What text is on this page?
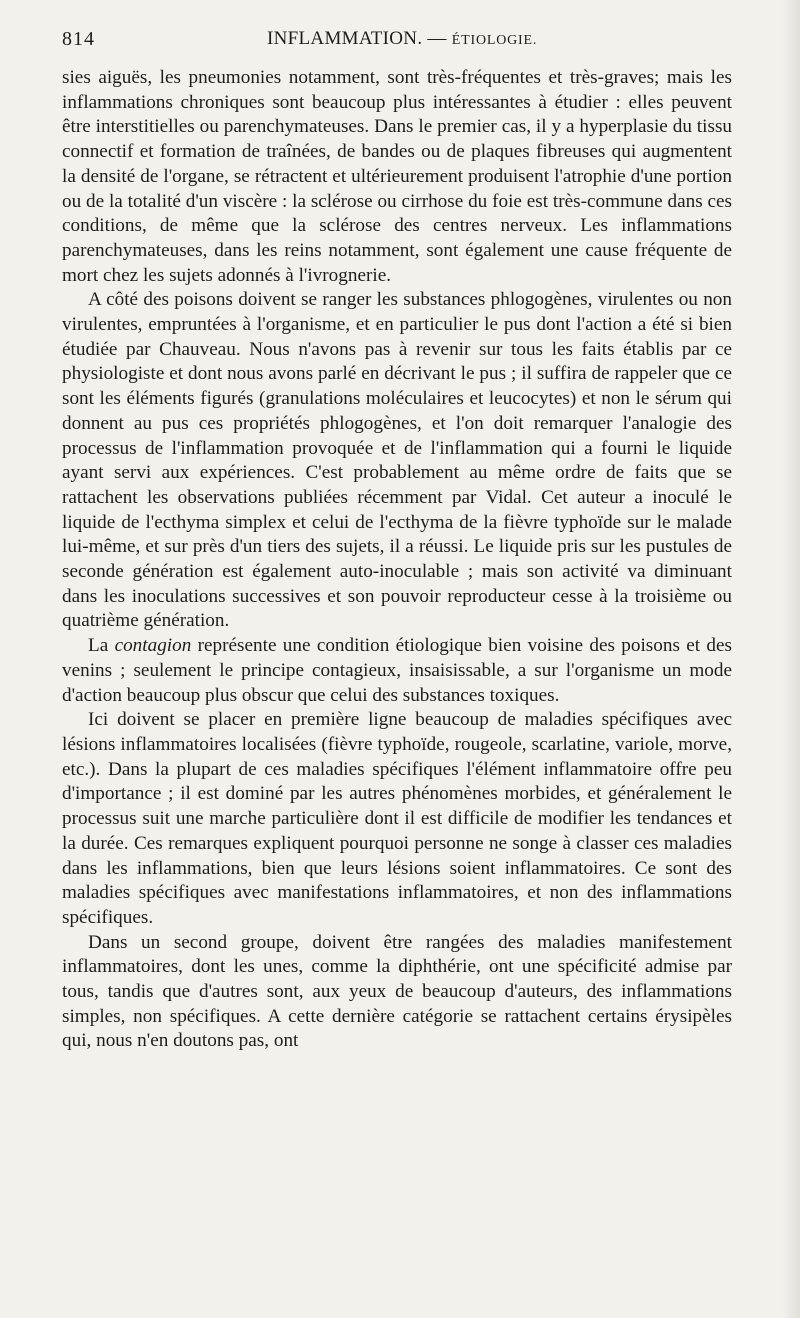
814	INFLAMMATION. — ÉTIOLOGIE.

sies aiguës, les pneumonies notamment, sont très-fréquentes et très-graves; mais les inflammations chroniques sont beaucoup plus intéressantes à étudier : elles peuvent être interstitielles ou parenchymateuses. Dans le premier cas, il y a hyperplasie du tissu connectif et formation de traînées, de bandes ou de plaques fibreuses qui augmentent la densité de l'organe, se rétractent et ultérieurement produisent l'atrophie d'une portion ou de la totalité d'un viscère : la sclérose ou cirrhose du foie est très-commune dans ces conditions, de même que la sclérose des centres nerveux. Les inflammations parenchymateuses, dans les reins notamment, sont également une cause fréquente de mort chez les sujets adonnés à l'ivrognerie.

A côté des poisons doivent se ranger les substances phlogogènes, virulentes ou non virulentes, empruntées à l'organisme, et en particulier le pus dont l'action a été si bien étudiée par Chauveau. Nous n'avons pas à revenir sur tous les faits établis par ce physiologiste et dont nous avons parlé en décrivant le pus ; il suffira de rappeler que ce sont les éléments figurés (granulations moléculaires et leucocytes) et non le sérum qui donnent au pus ces propriétés phlogogènes, et l'on doit remarquer l'analogie des processus de l'inflammation provoquée et de l'inflammation qui a fourni le liquide ayant servi aux expériences. C'est probablement au même ordre de faits que se rattachent les observations publiées récemment par Vidal. Cet auteur a inoculé le liquide de l'ecthyma simplex et celui de l'ecthyma de la fièvre typhoïde sur le malade lui-même, et sur près d'un tiers des sujets, il a réussi. Le liquide pris sur les pustules de seconde génération est également auto-inoculable ; mais son activité va diminuant dans les inoculations successives et son pouvoir reproducteur cesse à la troisième ou quatrième génération.

La contagion représente une condition étiologique bien voisine des poisons et des venins ; seulement le principe contagieux, insaisissable, a sur l'organisme un mode d'action beaucoup plus obscur que celui des substances toxiques.

Ici doivent se placer en première ligne beaucoup de maladies spécifiques avec lésions inflammatoires localisées (fièvre typhoïde, rougeole, scarlatine, variole, morve, etc.). Dans la plupart de ces maladies spécifiques l'élément inflammatoire offre peu d'importance ; il est dominé par les autres phénomènes morbides, et généralement le processus suit une marche particulière dont il est difficile de modifier les tendances et la durée. Ces remarques expliquent pourquoi personne ne songe à classer ces maladies dans les inflammations, bien que leurs lésions soient inflammatoires. Ce sont des maladies spécifiques avec manifestations inflammatoires, et non des inflammations spécifiques.

Dans un second groupe, doivent être rangées des maladies manifestement inflammatoires, dont les unes, comme la diphthérie, ont une spécificité admise par tous, tandis que d'autres sont, aux yeux de beaucoup d'auteurs, des inflammations simples, non spécifiques. A cette dernière catégorie se rattachent certains érysipèles qui, nous n'en doutons pas, ont
